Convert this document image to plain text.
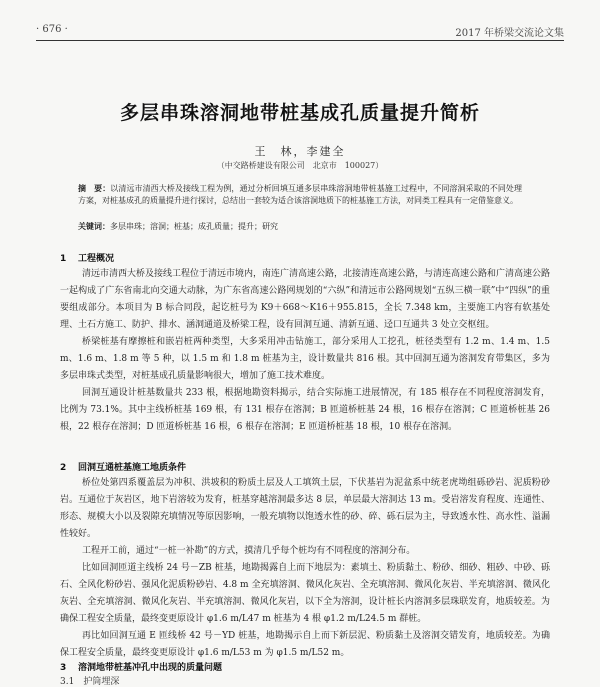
· 676 ·	2017 年桥梁交流论文集
多层串珠溶洞地带桩基成孔质量提升简析
王　林，李建全
（中交路桥建设有限公司　北京市　100027）
摘　要：以清远市清西大桥及接线工程为例，通过分析回填互通多层串珠溶洞地带桩基施工过程中，不同溶洞采取的不同处理方案，对桩基成孔的质量提升进行探讨，总结出一套较为适合该溶洞地质下的桩基施工方法，对同类工程具有一定借鉴意义。
关键词：多层串珠；溶洞；桩基；成孔质量；提升；研究
1 工程概况
清远市清西大桥及接线工程位于清远市境内，南连广清高速公路，北接清连高速公路，与清连高速公路和广清高速公路一起构成了广东省南北向交通大动脉，为广东省高速公路网规划的“六纵”和清远市公路网规划“五纵三横一联”中“四纵”的重要组成部分。本项目为 B 标合同段，起讫桩号为 K9＋668～K16＋955.815，全长 7.348 km，主要施工内容有软基处理、土石方施工、防护、排水、涵洞通道及桥梁工程，设有回洞互通、清新互通、迳口互通共 3 处立交枢纽。
桥梁桩基有摩擦桩和嵌岩桩两种类型，大多采用冲击钻施工，部分采用人工挖孔，桩径类型有 1.2 m、1.4 m、1.5 m、1.6 m、1.8 m 等 5 种，以 1.5 m 和 1.8 m 桩基为主，设计数量共 816 根。其中回洞互通为溶洞发育带集区，多为多层串珠式类型，对桩基成孔质量影响很大，增加了施工技术难度。
回洞互通设计桩基数量共 233 根，根据地勘资料揭示，结合实际施工进展情况，有 185 根存在不同程度溶洞发育，比例为 73.1%。其中主线桥桩基 169 根，有 131 根存在溶洞；B 匝道桥桩基 24 根，16 根存在溶洞；C 匝道桥桩基 26 根，22 根存在溶洞；D 匝道桥桩基 16 根，6 根存在溶洞；E 匝道桥桩基 18 根，10 根存在溶洞。
2 回洞互通桩基施工地质条件
桥位处第四系覆盖层为冲积、洪坡积的粉质土层及人工填筑土层，下伏基岩为泥盆系中统老虎坳组砾砂岩、泥质粉砂岩。互通位于灰岩区，地下岩溶较为发育，桩基穿越溶洞最多达 8 层，单层最大溶洞达 13 m。受岩溶发育程度、连通性、形态、规模大小以及裂隙充填情况等原因影响，一般充填物以饱透水性的砂、碎、砾石层为主，导致透水性、高水性、溢漏性较好。
工程开工前，通过“一桩一补勘”的方式，摸清几乎每个桩均有不同程度的溶洞分布。
比如回洞匝道主线桥 24 号－ZB 桩基，地勘揭露自上而下地层为：素填土、粉质黏土、粉砂、细砂、粗砂、中砂、砾石、全风化粉砂岩、强风化泥质粉砂岩、4.8 m 全充填溶洞、微风化灰岩、全充填溶洞、微风化灰岩、半充填溶洞、微风化灰岩、全充填溶洞、微风化灰岩、半充填溶洞、微风化灰岩，以下全为溶洞，设计桩长内溶洞多层珠联发育，地质较差。为确保工程安全质量，最终变更原设计 φ1.6 m/L47 m 桩基为 4 根 φ1.2 m/L24.5 m 群桩。
再比如回洞互通 E 匝线桥 42 号－YD 桩基，地勘揭示自上而下新层泥、粉质黏土及溶洞交错发育，地质较差。为确保工程安全质量，最终变更原设计 φ1.6 m/L53 m 为 φ1.5 m/L52 m。
3 溶洞地带桩基冲孔中出现的质量问题
3.1　护筒埋深
